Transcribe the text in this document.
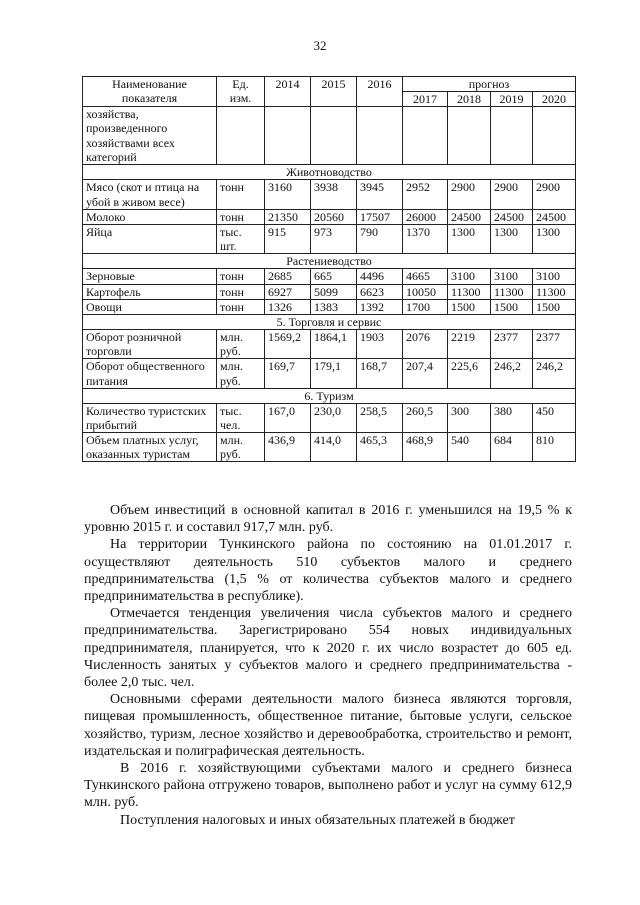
32
Наименование показателя	Ед. изм.	2014	2015	2016	прогноз			
					2017	2018	2019	2020
хозяйства, произведенного хозяйствами всех категорий								
Животноводство								
Мясо (скот и птица на убой в живом весе)	тонн	3160	3938	3945	2952	2900	2900	2900
Молоко	тонн	21350	20560	17507	26000	24500	24500	24500
Яйца	тыс. шт.	915	973	790	1370	1300	1300	1300
Растениеводство								
Зерновые	тонн	2685	665	4496	4665	3100	3100	3100
Картофель	тонн	6927	5099	6623	10050	11300	11300	11300
Овощи	тонн	1326	1383	1392	1700	1500	1500	1500
5. Торговля и сервис								
Оборот розничной торговли	млн. руб.	1569,2	1864,1	1903	2076	2219	2377	2377
Оборот общественного питания	млн. руб.	169,7	179,1	168,7	207,4	225,6	246,2	246,2
6. Туризм								
Количество туристских прибытий	тыс. чел.	167,0	230,0	258,5	260,5	300	380	450
Объем платных услуг, оказанных туристам	млн. руб.	436,9	414,0	465,3	468,9	540	684	810

Объем инвестиций в основной капитал в 2016 г. уменьшился на 19,5 % к уровню 2015 г. и составил 917,7 млн. руб.

На территории Тункинского района по состоянию на 01.01.2017 г. осуществляют деятельность 510 субъектов малого и среднего предпринимательства (1,5 % от количества субъектов малого и среднего предпринимательства в республике).

Отмечается тенденция увеличения числа субъектов малого и среднего предпринимательства. Зарегистрировано 554 новых индивидуальных предпринимателя, планируется, что к 2020 г. их число возрастет до 605 ед. Численность занятых у субъектов малого и среднего предпринимательства - более 2,0 тыс. чел.

Основными сферами деятельности малого бизнеса являются торговля, пищевая промышленность, общественное питание, бытовые услуги, сельское хозяйство, туризм, лесное хозяйство и деревообработка, строительство и ремонт, издательская и полиграфическая деятельность.

В 2016 г. хозяйствующими субъектами малого и среднего бизнеса Тункинского района отгружено товаров, выполнено работ и услуг на сумму 612,9 млн. руб.

Поступления налоговых и иных обязательных платежей в бюджет
